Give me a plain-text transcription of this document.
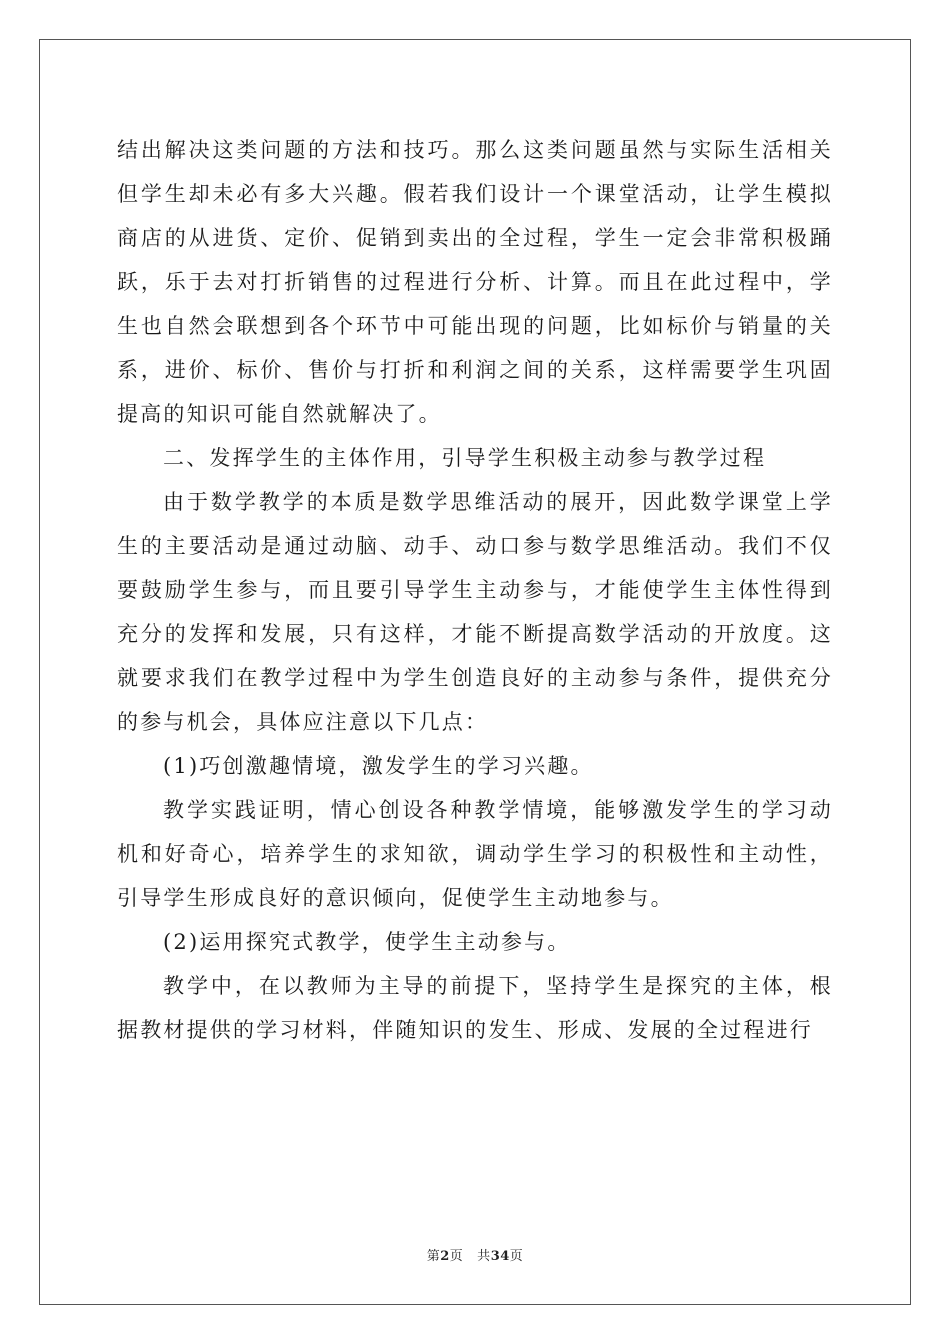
结出解决这类问题的方法和技巧。那么这类问题虽然与实际生活相关但学生却未必有多大兴趣。假若我们设计一个课堂活动，让学生模拟商店的从进货、定价、促销到卖出的全过程，学生一定会非常积极踊跃，乐于去对打折销售的过程进行分析、计算。而且在此过程中，学生也自然会联想到各个环节中可能出现的问题，比如标价与销量的关系，进价、标价、售价与打折和利润之间的关系，这样需要学生巩固提高的知识可能自然就解决了。

二、发挥学生的主体作用，引导学生积极主动参与教学过程

由于数学教学的本质是数学思维活动的展开，因此数学课堂上学生的主要活动是通过动脑、动手、动口参与数学思维活动。我们不仅要鼓励学生参与，而且要引导学生主动参与，才能使学生主体性得到充分的发挥和发展，只有这样，才能不断提高数学活动的开放度。这就要求我们在教学过程中为学生创造良好的主动参与条件，提供充分的参与机会，具体应注意以下几点：

(1)巧创激趣情境，激发学生的学习兴趣。

教学实践证明，情心创设各种教学情境，能够激发学生的学习动机和好奇心，培养学生的求知欲，调动学生学习的积极性和主动性，引导学生形成良好的意识倾向，促使学生主动地参与。

(2)运用探究式教学，使学生主动参与。

教学中，在以教师为主导的前提下，坚持学生是探究的主体，根据教材提供的学习材料，伴随知识的发生、形成、发展的全过程进行

第2页 共34页
